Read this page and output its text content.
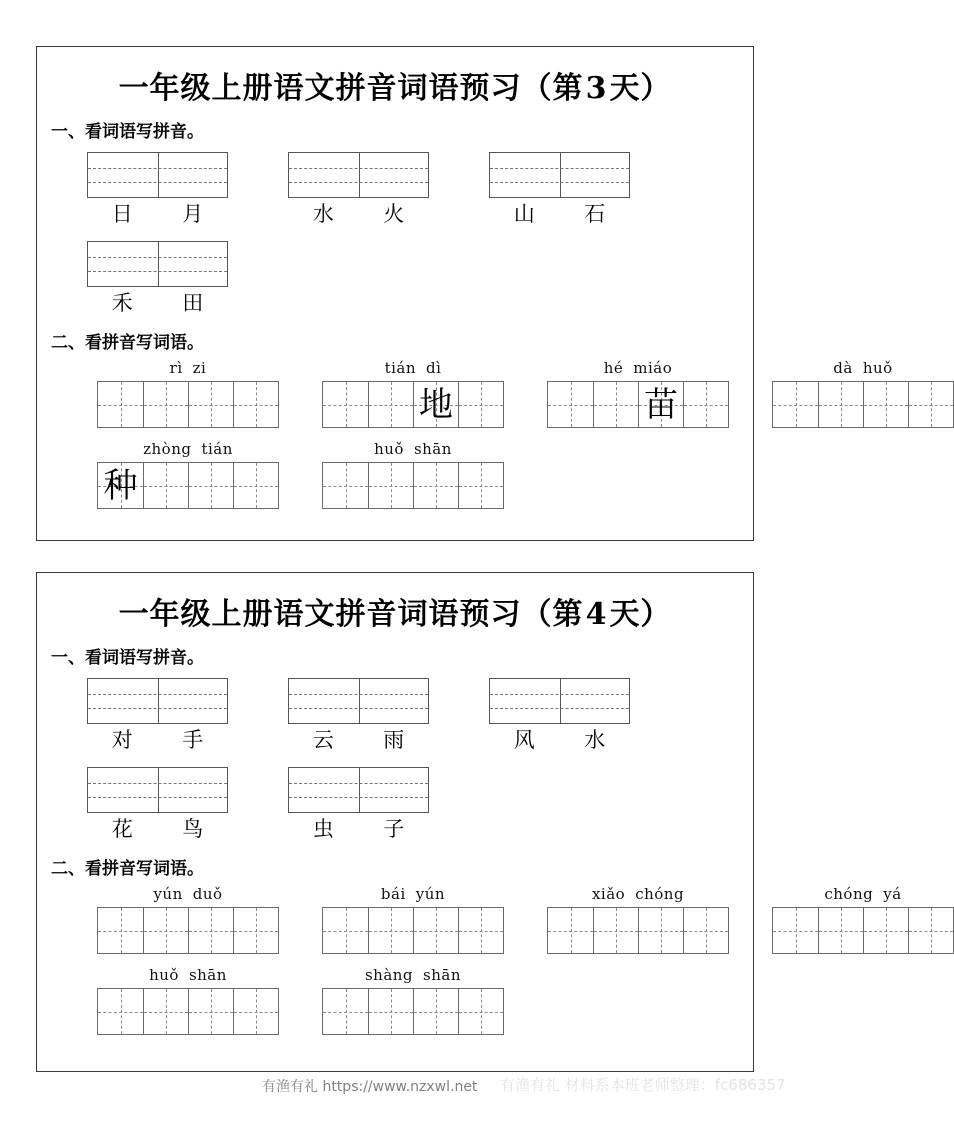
一年级上册语文拼音词语预习（第3天）
一、看词语写拼音。
日	月	水	火	山	石
禾	田
二、看拼音写词语。
rì zi	tián dì
地
hé miáo
苗
dà huǒ
zhòng tián
种
huǒ shān
一年级上册语文拼音词语预习（第4天）
一、看词语写拼音。
对	手	云	雨	风	水
花	鸟	虫	子
二、看拼音写词语。
yún duǒ	bái yún	xiǎo chóng	chóng yá
huǒ shān	shàng shān
有渔有礼 材料系本班老师整理：fc686357
有渔有礼 https://www.nzxwl.net
